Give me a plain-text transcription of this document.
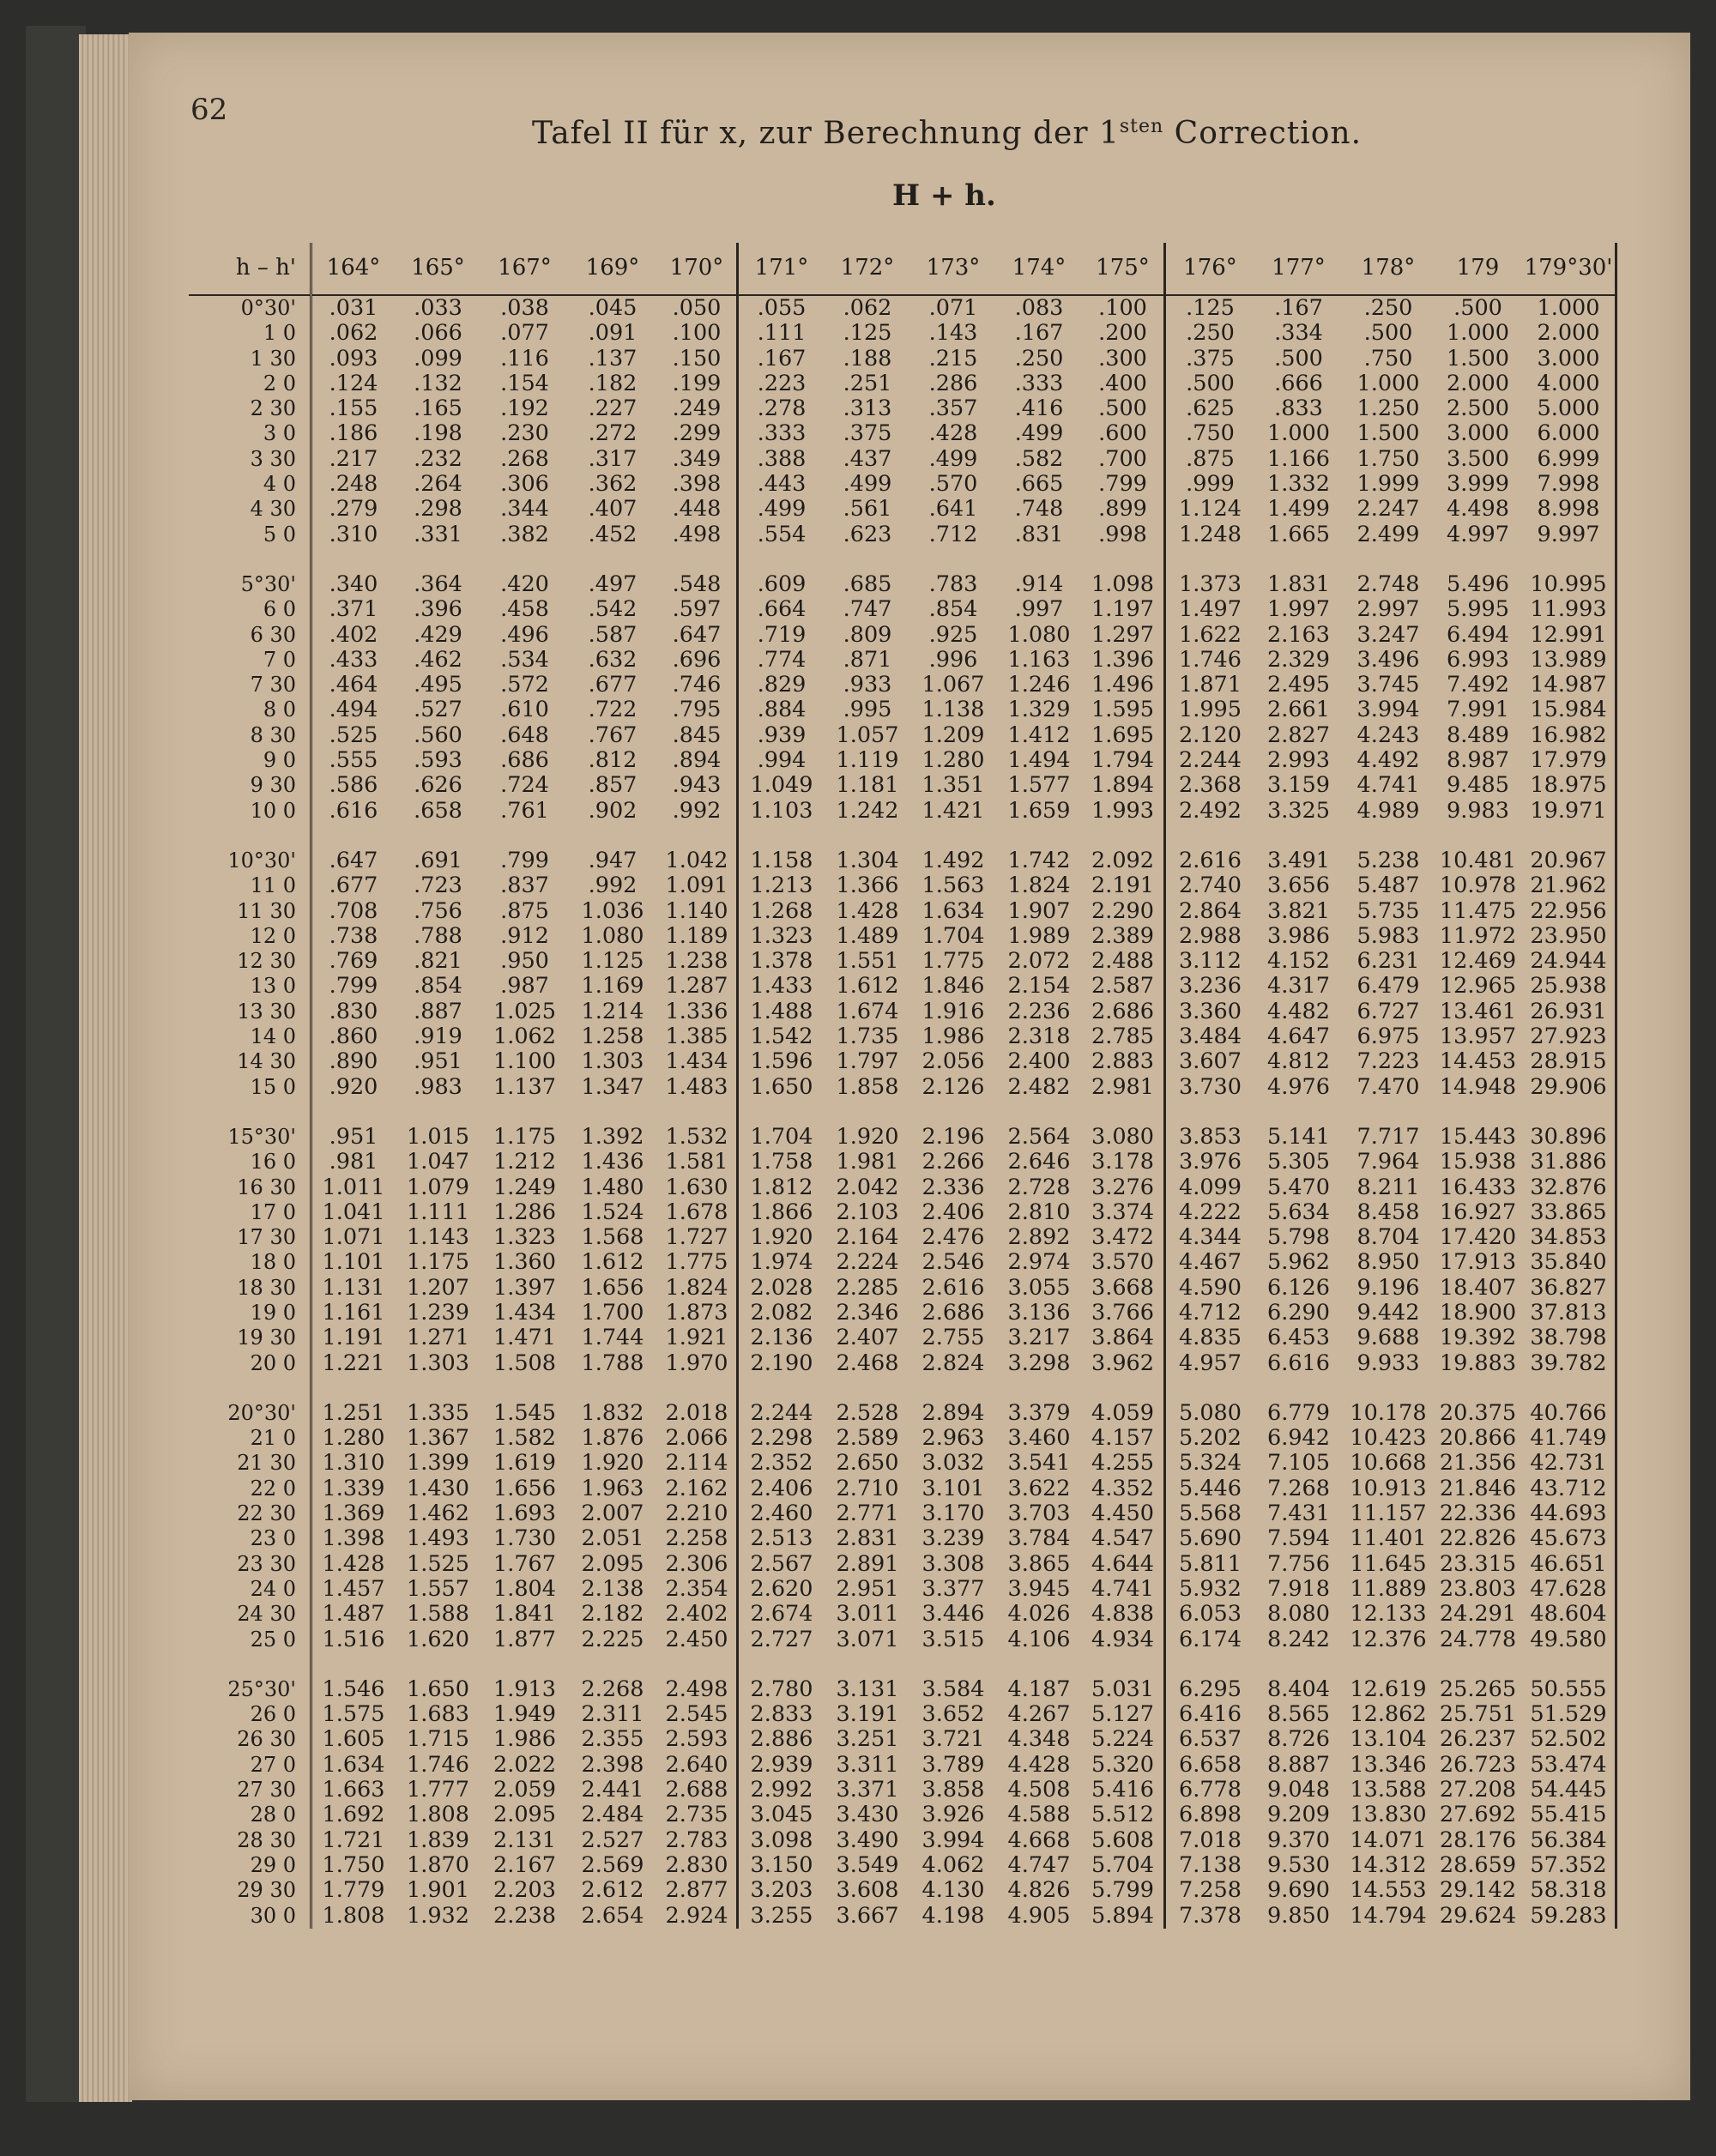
62
Tafel II für x, zur Berechnung der $1^{sten}$ Correction.
H + h.
h – h'	164°	165°	167°	169°	170°	171°	172°	173°	174°	175°	176°	177°	178°	179	179°30'
0°30'	.031	.033	.038	.045	.050	.055	.062	.071	.083	.100	.125	.167	.250	.500	1.000
1 0	.062	.066	.077	.091	.100	.111	.125	.143	.167	.200	.250	.334	.500	1.000	2.000
1 30	.093	.099	.116	.137	.150	.167	.188	.215	.250	.300	.375	.500	.750	1.500	3.000
2 0	.124	.132	.154	.182	.199	.223	.251	.286	.333	.400	.500	.666	1.000	2.000	4.000
2 30	.155	.165	.192	.227	.249	.278	.313	.357	.416	.500	.625	.833	1.250	2.500	5.000
3 0	.186	.198	.230	.272	.299	.333	.375	.428	.499	.600	.750	1.000	1.500	3.000	6.000
3 30	.217	.232	.268	.317	.349	.388	.437	.499	.582	.700	.875	1.166	1.750	3.500	6.999
4 0	.248	.264	.306	.362	.398	.443	.499	.570	.665	.799	.999	1.332	1.999	3.999	7.998
4 30	.279	.298	.344	.407	.448	.499	.561	.641	.748	.899	1.124	1.499	2.247	4.498	8.998
5 0	.310	.331	.382	.452	.498	.554	.623	.712	.831	.998	1.248	1.665	2.499	4.997	9.997

5°30'	.340	.364	.420	.497	.548	.609	.685	.783	.914	1.098	1.373	1.831	2.748	5.496	10.995
6 0	.371	.396	.458	.542	.597	.664	.747	.854	.997	1.197	1.497	1.997	2.997	5.995	11.993
6 30	.402	.429	.496	.587	.647	.719	.809	.925	1.080	1.297	1.622	2.163	3.247	6.494	12.991
7 0	.433	.462	.534	.632	.696	.774	.871	.996	1.163	1.396	1.746	2.329	3.496	6.993	13.989
7 30	.464	.495	.572	.677	.746	.829	.933	1.067	1.246	1.496	1.871	2.495	3.745	7.492	14.987
8 0	.494	.527	.610	.722	.795	.884	.995	1.138	1.329	1.595	1.995	2.661	3.994	7.991	15.984
8 30	.525	.560	.648	.767	.845	.939	1.057	1.209	1.412	1.695	2.120	2.827	4.243	8.489	16.982
9 0	.555	.593	.686	.812	.894	.994	1.119	1.280	1.494	1.794	2.244	2.993	4.492	8.987	17.979
9 30	.586	.626	.724	.857	.943	1.049	1.181	1.351	1.577	1.894	2.368	3.159	4.741	9.485	18.975
10 0	.616	.658	.761	.902	.992	1.103	1.242	1.421	1.659	1.993	2.492	3.325	4.989	9.983	19.971

10°30'	.647	.691	.799	.947	1.042	1.158	1.304	1.492	1.742	2.092	2.616	3.491	5.238	10.481	20.967
11 0	.677	.723	.837	.992	1.091	1.213	1.366	1.563	1.824	2.191	2.740	3.656	5.487	10.978	21.962
11 30	.708	.756	.875	1.036	1.140	1.268	1.428	1.634	1.907	2.290	2.864	3.821	5.735	11.475	22.956
12 0	.738	.788	.912	1.080	1.189	1.323	1.489	1.704	1.989	2.389	2.988	3.986	5.983	11.972	23.950
12 30	.769	.821	.950	1.125	1.238	1.378	1.551	1.775	2.072	2.488	3.112	4.152	6.231	12.469	24.944
13 0	.799	.854	.987	1.169	1.287	1.433	1.612	1.846	2.154	2.587	3.236	4.317	6.479	12.965	25.938
13 30	.830	.887	1.025	1.214	1.336	1.488	1.674	1.916	2.236	2.686	3.360	4.482	6.727	13.461	26.931
14 0	.860	.919	1.062	1.258	1.385	1.542	1.735	1.986	2.318	2.785	3.484	4.647	6.975	13.957	27.923
14 30	.890	.951	1.100	1.303	1.434	1.596	1.797	2.056	2.400	2.883	3.607	4.812	7.223	14.453	28.915
15 0	.920	.983	1.137	1.347	1.483	1.650	1.858	2.126	2.482	2.981	3.730	4.976	7.470	14.948	29.906

15°30'	.951	1.015	1.175	1.392	1.532	1.704	1.920	2.196	2.564	3.080	3.853	5.141	7.717	15.443	30.896
16 0	.981	1.047	1.212	1.436	1.581	1.758	1.981	2.266	2.646	3.178	3.976	5.305	7.964	15.938	31.886
16 30	1.011	1.079	1.249	1.480	1.630	1.812	2.042	2.336	2.728	3.276	4.099	5.470	8.211	16.433	32.876
17 0	1.041	1.111	1.286	1.524	1.678	1.866	2.103	2.406	2.810	3.374	4.222	5.634	8.458	16.927	33.865
17 30	1.071	1.143	1.323	1.568	1.727	1.920	2.164	2.476	2.892	3.472	4.344	5.798	8.704	17.420	34.853
18 0	1.101	1.175	1.360	1.612	1.775	1.974	2.224	2.546	2.974	3.570	4.467	5.962	8.950	17.913	35.840
18 30	1.131	1.207	1.397	1.656	1.824	2.028	2.285	2.616	3.055	3.668	4.590	6.126	9.196	18.407	36.827
19 0	1.161	1.239	1.434	1.700	1.873	2.082	2.346	2.686	3.136	3.766	4.712	6.290	9.442	18.900	37.813
19 30	1.191	1.271	1.471	1.744	1.921	2.136	2.407	2.755	3.217	3.864	4.835	6.453	9.688	19.392	38.798
20 0	1.221	1.303	1.508	1.788	1.970	2.190	2.468	2.824	3.298	3.962	4.957	6.616	9.933	19.883	39.782

20°30'	1.251	1.335	1.545	1.832	2.018	2.244	2.528	2.894	3.379	4.059	5.080	6.779	10.178	20.375	40.766
21 0	1.280	1.367	1.582	1.876	2.066	2.298	2.589	2.963	3.460	4.157	5.202	6.942	10.423	20.866	41.749
21 30	1.310	1.399	1.619	1.920	2.114	2.352	2.650	3.032	3.541	4.255	5.324	7.105	10.668	21.356	42.731
22 0	1.339	1.430	1.656	1.963	2.162	2.406	2.710	3.101	3.622	4.352	5.446	7.268	10.913	21.846	43.712
22 30	1.369	1.462	1.693	2.007	2.210	2.460	2.771	3.170	3.703	4.450	5.568	7.431	11.157	22.336	44.693
23 0	1.398	1.493	1.730	2.051	2.258	2.513	2.831	3.239	3.784	4.547	5.690	7.594	11.401	22.826	45.673
23 30	1.428	1.525	1.767	2.095	2.306	2.567	2.891	3.308	3.865	4.644	5.811	7.756	11.645	23.315	46.651
24 0	1.457	1.557	1.804	2.138	2.354	2.620	2.951	3.377	3.945	4.741	5.932	7.918	11.889	23.803	47.628
24 30	1.487	1.588	1.841	2.182	2.402	2.674	3.011	3.446	4.026	4.838	6.053	8.080	12.133	24.291	48.604
25 0	1.516	1.620	1.877	2.225	2.450	2.727	3.071	3.515	4.106	4.934	6.174	8.242	12.376	24.778	49.580

25°30'	1.546	1.650	1.913	2.268	2.498	2.780	3.131	3.584	4.187	5.031	6.295	8.404	12.619	25.265	50.555
26 0	1.575	1.683	1.949	2.311	2.545	2.833	3.191	3.652	4.267	5.127	6.416	8.565	12.862	25.751	51.529
26 30	1.605	1.715	1.986	2.355	2.593	2.886	3.251	3.721	4.348	5.224	6.537	8.726	13.104	26.237	52.502
27 0	1.634	1.746	2.022	2.398	2.640	2.939	3.311	3.789	4.428	5.320	6.658	8.887	13.346	26.723	53.474
27 30	1.663	1.777	2.059	2.441	2.688	2.992	3.371	3.858	4.508	5.416	6.778	9.048	13.588	27.208	54.445
28 0	1.692	1.808	2.095	2.484	2.735	3.045	3.430	3.926	4.588	5.512	6.898	9.209	13.830	27.692	55.415
28 30	1.721	1.839	2.131	2.527	2.783	3.098	3.490	3.994	4.668	5.608	7.018	9.370	14.071	28.176	56.384
29 0	1.750	1.870	2.167	2.569	2.830	3.150	3.549	4.062	4.747	5.704	7.138	9.530	14.312	28.659	57.352
29 30	1.779	1.901	2.203	2.612	2.877	3.203	3.608	4.130	4.826	5.799	7.258	9.690	14.553	29.142	58.318
30 0	1.808	1.932	2.238	2.654	2.924	3.255	3.667	4.198	4.905	5.894	7.378	9.850	14.794	29.624	59.283
